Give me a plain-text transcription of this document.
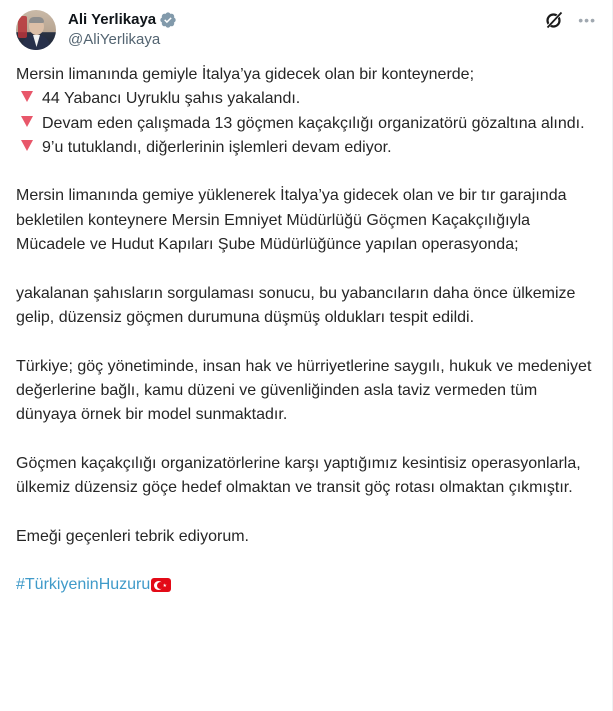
Ali Yerlikaya
@AliYerlikaya
•••

Mersin limanında gemiyle İtalya’ya gidecek olan bir konteynerde;

44 Yabancı Uyruklu şahıs yakalandı.
Devam eden çalışmada 13 göçmen kaçakçılığı organizatörü gözaltına alındı.
9’u tutuklandı, diğerlerinin işlemleri devam ediyor.

Mersin limanında gemiye yüklenerek İtalya’ya gidecek olan ve bir tır garajında bekletilen konteynere Mersin Emniyet Müdürlüğü Göçmen Kaçakçılığıyla Mücadele ve Hudut Kapıları Şube Müdürlüğünce yapılan operasyonda;

yakalanan şahısların sorgulaması sonucu, bu yabancıların daha önce ülkemize gelip, düzensiz göçmen durumuna düşmüş oldukları tespit edildi.

Türkiye; göç yönetiminde, insan hak ve hürriyetlerine saygılı, hukuk ve medeniyet değerlerine bağlı, kamu düzeni ve güvenliğinden asla taviz vermeden tüm dünyaya örnek bir model sunmaktadır.

Göçmen kaçakçılığı organizatörlerine karşı yaptığımız kesintisiz operasyonlarla, ülkemiz düzensiz göçe hedef olmaktan ve transit göç rotası olmaktan çıkmıştır.

Emeği geçenleri tebrik ediyorum.

#TürkiyeninHuzuru
